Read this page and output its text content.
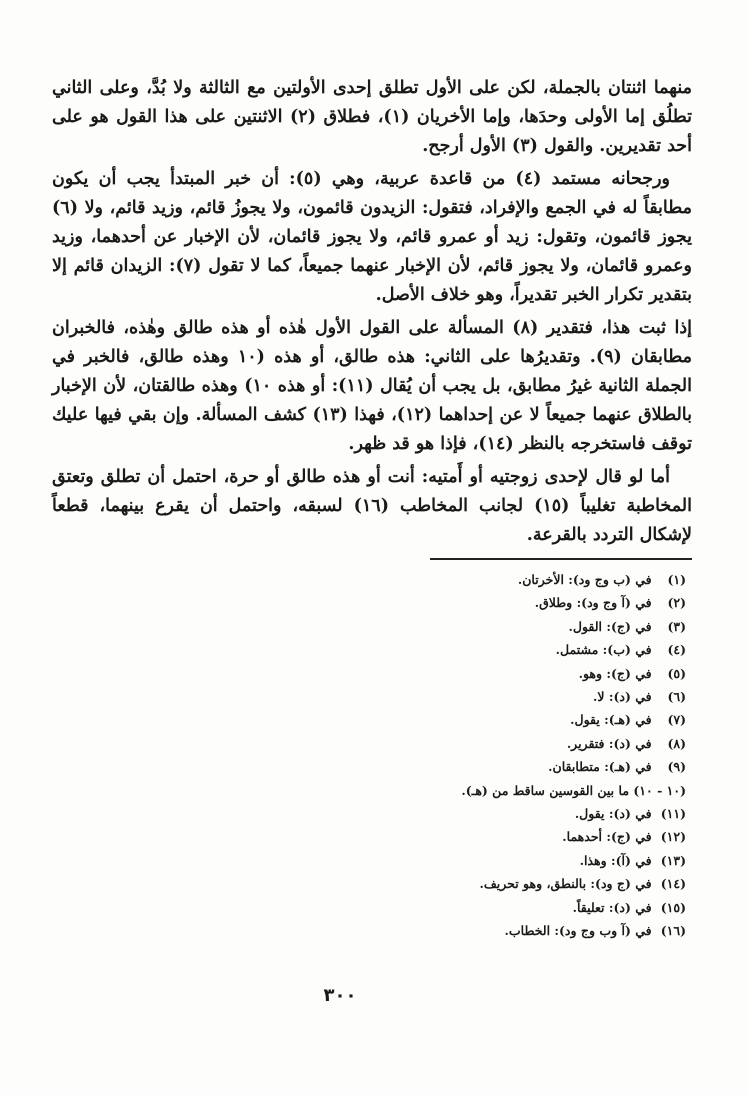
منهما اثنتان بالجملة، لكن على الأول تطلق إحدى الأولتين مع الثالثة ولا بُدَّ، وعلى الثاني تطلُق إما الأولى وحدَها، وإما الأخريان (١)، فطلاق (٢) الاثنتين على هذا القول هو على أحد تقديرين. والقول (٣) الأول أرجح.

ورجحانه مستمد (٤) من قاعدة عربية، وهي (٥): أن خبر المبتدأ يجب أن يكون مطابقاً له في الجمع والإفراد، فتقول: الزيدون قائمون، ولا يجوزُ قائم، وزيد قائم، ولا (٦) يجوز قائمون، وتقول: زيد أو عمرو قائم، ولا يجوز قائمان، لأن الإخبار عن أحدهما، وزيد وعمرو قائمان، ولا يجوز قائم، لأن الإخبار عنهما جميعاً، كما لا تقول (٧): الزيدان قائم إلا بتقدير تكرار الخبر تقديراً، وهو خلاف الأصل.

إذا ثبت هذا، فتقدير (٨) المسألة على القول الأول هٰذه أو هذه طالق وهٰذه، فالخبران مطابقان (٩). وتقديرُها على الثاني: هذه طالق، أو هذه (١٠ وهذه طالق، فالخبر في الجملة الثانية غيرُ مطابق، بل يجب أن يُقال (١١): أو هذه ١٠) وهذه طالقتان، لأن الإخبار بالطلاق عنهما جميعاً لا عن إحداهما (١٢)، فهذا (١٣) كشف المسألة. وإن بقي فيها عليك توقف فاستخرجه بالنظر (١٤)، فإذا هو قد ظهر.

أما لو قال لإحدى زوجتيه أو أَمتيه: أنت أو هذه طالق أو حرة، احتمل أن تطلق وتعتق المخاطبة تغليباً (١٥) لجانب المخاطب (١٦) لسبقه، واحتمل أن يقرع بينهما، قطعاً لإشكال التردد بالقرعة.

(١) في (ب وج ود): الأخرتان.
(٢) في (آ وج ود): وطلاق.
(٣) في (ج): القول.
(٤) في (ب): مشتمل.
(٥) في (ج): وهو.
(٦) في (د): لا.
(٧) في (هـ): يقول.
(٨) في (د): فتقرير.
(٩) في (هـ): متطابقان.
(١٠ - ١٠) ما بين القوسين ساقط من (هـ).
(١١) في (د): يقول.
(١٢) في (ج): أحدهما.
(١٣) في (آ): وهذا.
(١٤) في (ج ود): بالنطق، وهو تحريف.
(١٥) في (د): تعليقاً.
(١٦) في (آ وب وج ود): الخطاب.
٣٠٠
